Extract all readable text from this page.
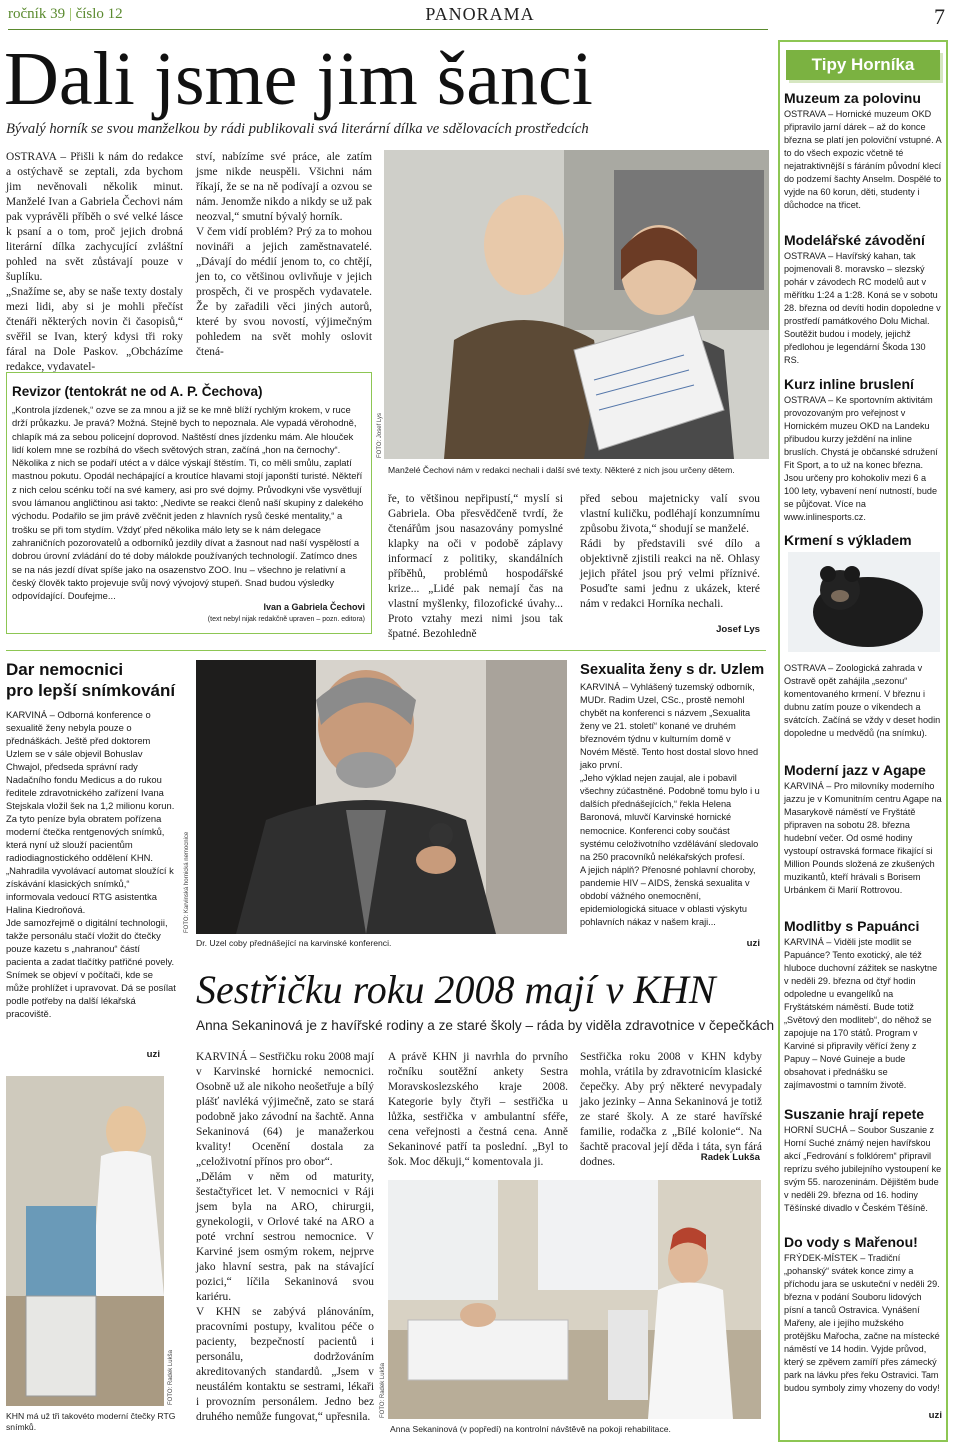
ročník 39 | číslo 12	PANORAMA	7
Dali jsme jim šanci
Bývalý horník se svou manželkou by rádi publikovali svá literární dílka ve sdělovacích prostředcích
OSTRAVA – Přišli k nám do redakce a ostýchavě se zeptali, zda bychom jim nevěnovali několik minut. Manželé Ivan a Gabriela Čechovi nám pak vyprávěli příběh o své velké lásce k psaní a o tom, proč jejich drobná literární dílka zachycující zvláštní pohled na svět zůstávají pouze v šuplíku.
„Snažíme se, aby se naše texty dostaly mezi lidi, aby si je mohli přečíst čtenáři některých novin či časopisů,“ svěřil se Ivan, který kdysi tři roky fáral na Dole Paskov. „Obcházíme redakce, vydavatel-
ství, nabízíme své práce, ale zatím jsme nikde neuspěli. Všichni nám říkají, že se na ně podívají a ozvou se nám. Jenomže nikdo a nikdy se už pak neozval,“ smutní bývalý horník.
V čem vidí problém? Prý za to mohou novináři a jejich zaměstnavatelé. „Dávají do médií jenom to, co chtějí, jen to, co většinou ovlivňuje v jejich prospěch, či ve prospěch vydavatele. Že by zařadili věci jiných autorů, které by svou novostí, výjimečným pohledem na svět mohly oslovit čtená-
FOTO: Josef Lys
Manželé Čechovi nám v redakci nechali i další své texty. Některé z nich jsou určeny dětem.
ře, to většinou nepřipustí,“ myslí si Gabriela. Oba přesvědčeně tvrdí, že čtenářům jsou nasazovány pomyslné klapky na oči v podobě záplavy informací z politiky, skandálních příběhů, problémů hospodářské krize... „Lidé pak nemají čas na vlastní myšlenky, filozofické úvahy... Proto vztahy mezi nimi jsou tak špatné. Bezohledně
před sebou majetnicky valí svou vlastní kuličku, podléhají konzumnímu způsobu života,“ shodují se manželé.
Rádi by představili své dílo a objektivně zjistili reakci na ně. Ohlasy jejich přátel jsou prý velmi příznivé. Posuďte sami jednu z ukázek, které nám v redakci Horníka nechali.
Josef Lys
Revizor (tentokrát ne od A. P. Čechova)
„Kontrola jízdenek,“ ozve se za mnou a již se ke mně blíží rychlým krokem, v ruce drží průkazku. Je pravá? Možná. Stejně bych to nepoznala. Ale vypadá věrohodně, chlapík má za sebou policejní doprovod. Naštěstí dnes jízdenku mám. Ale hlouček lidí kolem mne se rozbíhá do všech světových stran, začíná „hon na černochy“. Několika z nich se podaří utéct a v dálce výskají štěstím. Ti, co měli smůlu, zaplatí mastnou pokutu. Opodál nechápající a kroutíce hlavami stojí japonští turisté. Někteří z nich celou scénku točí na své kamery, asi pro své dojmy. Průvodkyni vše vysvětlují svou lámanou angličtinou asi takto: „Nedivte se reakci členů naší skupiny z dalekého východu. Podařilo se jim právě zvěčnit jeden z hlavních rysů české mentality,“ a trošku se při tom stydím. Vždyť před několika málo lety se k nám delegace zahraničních pozorovatelů a odborníků jezdily dívat a žasnout nad naší vyspělostí a dobrou úrovní zvládání do té doby málokde používaných technologií. Zatímco dnes se na nás jezdí dívat spíše jako na osazenstvo ZOO. Inu – všechno je relativní a český člověk takto projevuje svůj nový vývojový stupeň. Snad budou výsledky odpovídající. Doufejme...
Ivan a Gabriela Čechovi
(text nebyl nijak redakčně upraven – pozn. editora)
Tipy Horníka
Muzeum za polovinu
OSTRAVA – Hornické muzeum OKD připravilo jarní dárek – až do konce března se platí jen poloviční vstupné. A to do všech expozic včetně té nejatraktivnější s fáráním původní klecí do podzemí šachty Anselm. Dospělé to vyjde na 60 korun, děti, studenty i důchodce na třicet.
Modelářské závodění
OSTRAVA – Havířský kahan, tak pojmenovali 8. moravsko – slezský pohár v závodech RC modelů aut v měřítku 1:24 a 1:28. Koná se v sobotu 28. března od devíti hodin dopoledne v prostředí památkového Dolu Michal. Soutěžit budou i modely, jejichž předlohou je legendární Škoda 130 RS.
Kurz inline bruslení
OSTRAVA – Ke sportovním aktivitám provozovaným pro veřejnost v Hornickém muzeu OKD na Landeku přibudou kurzy ježdění na inline bruslích. Chystá je občanské sdružení Fit Sport, a to už na konec března. Jsou určeny pro kohokoliv mezi 6 a 100 lety, vybavení není nutností, bude se půjčovat. Více na www.inlinesports.cz.
Krmení s výkladem
OSTRAVA – Zoologická zahrada v Ostravě opět zahájila „sezonu“ komentovaného krmení. V březnu i dubnu zatím pouze o víkendech a svátcích. Začíná se vždy v deset hodin dopoledne u medvědů (na snímku).
Moderní jazz v Agape
KARVINÁ – Pro milovníky moderního jazzu je v Komunitním centru Agape na Masarykově náměstí ve Fryštátě připraven na sobotu 28. března hudební večer. Od osmé hodiny vystoupí ostravská formace řikající si Million Pounds složená ze zkušených muzikantů, kteří hrávali s Borisem Urbánkem či Marií Rottrovou.
Modlitby s Papuánci
KARVINÁ – Viděli jste modlit se Papuánce? Tento exotický, ale též hluboce duchovní zážitek se naskytne v neděli 29. března od čtyř hodin odpoledne u evangelíků na Fryštátském náměstí. Bude totiž „Světový den modliteb“, do něhož se zapojuje na 170 států. Program v Karviné si připravily věřící ženy z Papuy – Nové Guineje a bude obsahovat i přednášku se zajímavostmi o tamním životě.
Suszanie hrají repete
HORNÍ SUCHÁ – Soubor Suszanie z Horní Suché známý nejen havířskou akcí „Fedrování s folklórem“ připravil reprízu svého jubilejního vystoupení ke svým 55. narozeninám. Dějištěm bude v neděli 29. března od 16. hodiny Těšínské divadlo v Českém Těšíně.
Do vody s Mařenou!
FRÝDEK-MÍSTEK – Tradiční „pohanský“ svátek konce zimy a příchodu jara se uskuteční v neděli 29. března v podání Souboru lidových písní a tanců Ostravica. Vynášení Mařeny, ale i jejího mužského protějšku Mařocha, začne na místecké náměstí ve 14 hodin. Vyjde průvod, který se zpěvem zamíří přes zámecký park na lávku přes řeku Ostravici. Tam budou symboly zimy vhozeny do vody!
uzi
Dar nemocnici
pro lepší snímkování
KARVINÁ – Odborná konference o sexualitě ženy nebyla pouze o přednáškách. Ještě před doktorem Uzlem se v sále objevil Bohuslav Chwajol, předseda správní rady Nadačního fondu Medicus a do rukou ředitele zdravotnického zařízení Ivana Stejskala vložil šek na 1,2 milionu korun. Za tyto peníze byla obratem pořízena moderní čtečka rentgenových snímků, která nyní už slouží pacientům radiodiagnostického oddělení KHN. „Nahradila vyvolávací automat sloužící k získávání klasických snímků,“ informovala vedoucí RTG asistentka Halina Kiedroňová.
Jde samozřejmě o digitální technologii, takže personálu stačí vložit do čtečky pouze kazetu s „nahranou“ částí pacienta a zadat tlačítky patřičné povely. Snímek se objeví v počítači, kde se může prohlížet i upravovat. Dá se posílat podle potřeby na další lékařská pracoviště.
uzi
FOTO: Radek Lukša
KHN má už tři takovéto moderní čtečky RTG snímků.
FOTO: Karvinská hornická nemocnice
Dr. Uzel coby přednášející na karvinské konferenci.
Sexualita ženy s dr. Uzlem
KARVINÁ – Vyhlášený tuzemský odborník, MUDr. Radim Uzel, CSc., prostě nemohl chybět na konferenci s názvem „Sexualita ženy ve 21. století“ konané ve druhém březnovém týdnu v kulturním domě v Novém Městě. Tento host dostal slovo hned jako první.
„Jeho výklad nejen zaujal, ale i pobavil všechny zúčastněné. Podobně tomu bylo i u dalších přednášejících,“ řekla Helena Baronová, mluvčí Karvinské hornické nemocnice. Konferenci coby součást systému celoživotního vzdělávání sledovalo na 250 pracovníků nelékařských profesí.
A jejich náplň? Přenosné pohlavní choroby, pandemie HIV – AIDS, ženská sexualita v období vážného onemocnění, epidemiologická situace v oblasti výskytu pohlavních nákaz v našem kraji...
uzi
Sestřičku roku 2008 mají v KHN
Anna Sekaninová je z havířské rodiny a ze staré školy – ráda by viděla zdravotnice v čepečkách
KARVINÁ – Sestřičku roku 2008 mají v Karvinské hornické nemocnici. Osobně už ale nikoho neošetřuje a bílý plášť navléká výjimečně, zato se stará podobně jako závodní na šachtě. Anna Sekaninová (64) je manažerkou kvality! Ocenění dostala za „celoživotní přínos pro obor“.
„Dělám v něm od maturity, šestačtyřicet let. V nemocnici v Ráji jsem byla na ARO, chirurgii, gynekologii, v Orlové také na ARO a poté vrchní sestrou nemocnice. V Karviné jsem osmým rokem, nejprve jako hlavní sestra, pak na stávající pozici,“ líčila Sekaninová svou kariéru.
V KHN se zabývá plánováním, pracovními postupy, kvalitou péče o pacienty, bezpečností pacientů i personálu, dodržováním akreditovaných standardů. „Jsem v neustálém kontaktu se sestrami, lékaři i provozním personálem. Jedno bez druhého nemůže fungovat,“ upřesnila.
A právě KHN ji navrhla do prvního ročníku soutěžní ankety Sestra Moravskoslezského kraje 2008. Kategorie byly čtyři – sestřička u lůžka, sestřička v ambulantní sféře, cena veřejnosti a čestná cena. Anně Sekaninové patří ta poslední. „Byl to šok. Moc děkuji,“ komentovala ji.
Sestřička roku 2008 v KHN kdyby mohla, vrátila by zdravotnicím klasické čepečky. Aby prý některé nevypadaly jako jezinky – Anna Sekaninová je totiž ze staré školy. A ze staré havířské familie, rodačka z „Bílé kolonie“. Na šachtě pracoval její děda i táta, syn fárá dodnes.	Radek Lukša
FOTO: Radek Lukša
Anna Sekaninová (v popředí) na kontrolní návštěvě na pokoji rehabilitace.
